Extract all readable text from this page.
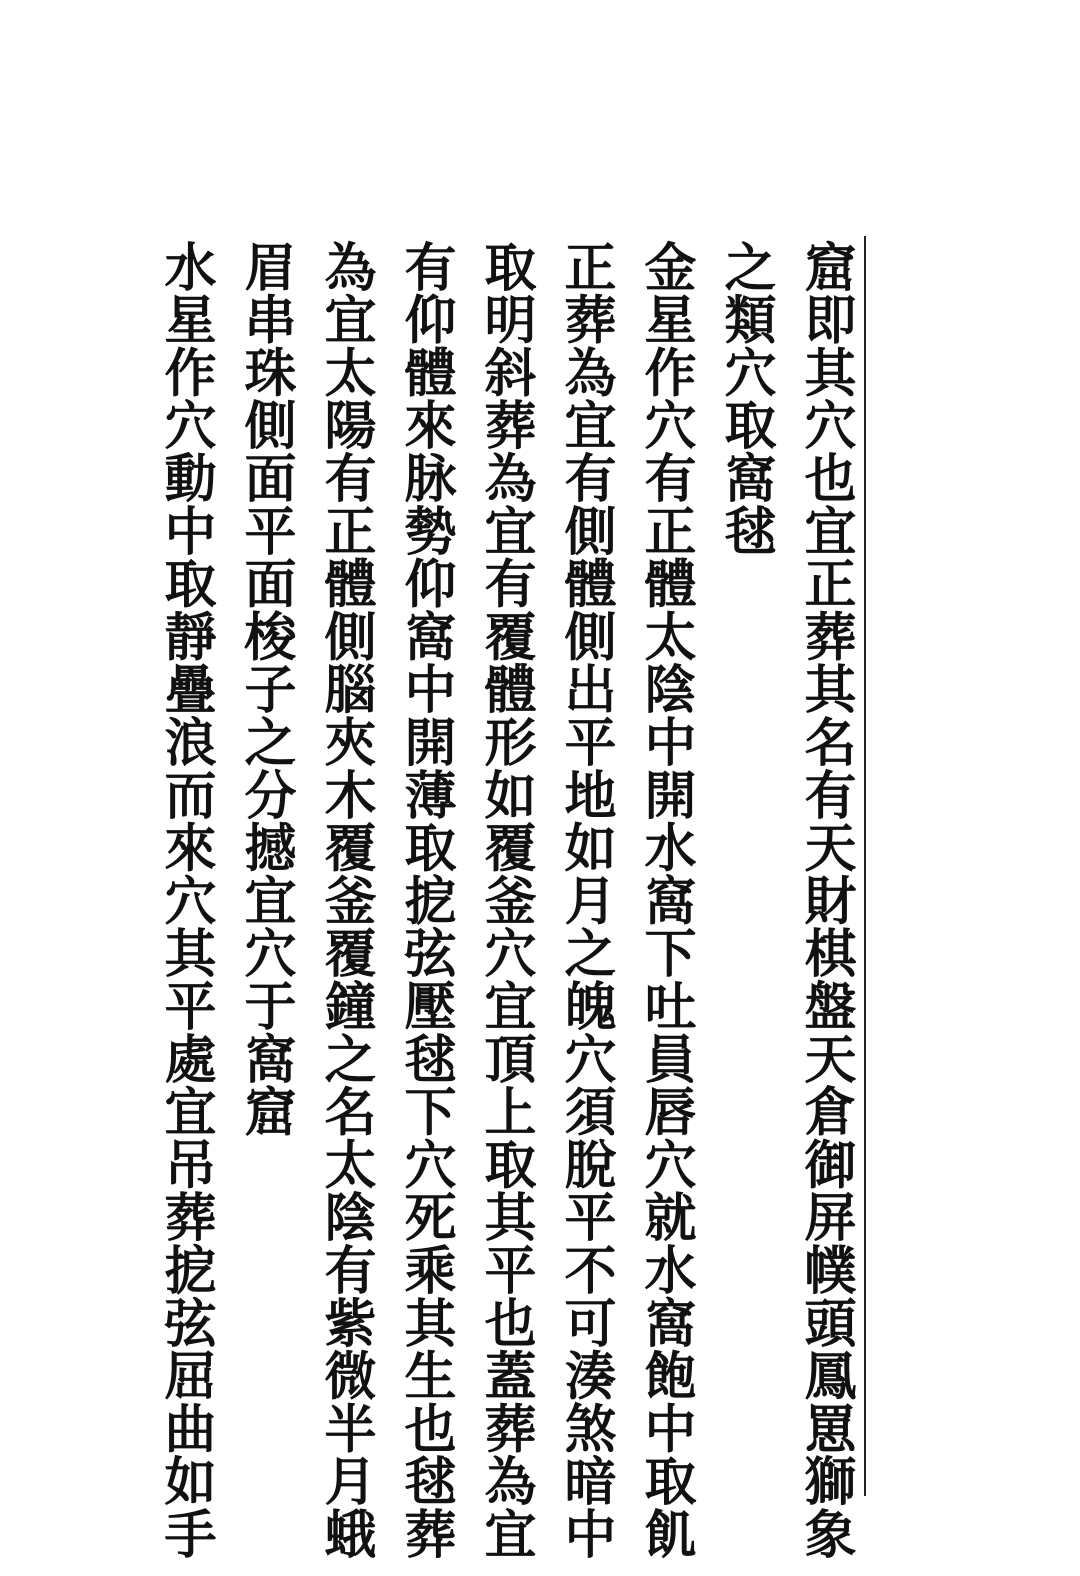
窟即其穴也宜正葬其名有天財棋盤天倉御屏幞頭鳳罳獅象
之類穴取窩毬
金星作穴有正體太陰中開水窩下吐員唇穴就水窩飽中取飢
正葬為宜有側體側出平地如月之魄穴須脫平不可湊煞暗中
取明斜葬為宜有覆體形如覆釜穴宜頂上取其平也蓋葬為宜
有仰體來脉勢仰窩中開薄取㧖弦壓毬下穴死乘其生也毬葬
為宜太陽有正體側腦夾木覆釜覆鐘之名太陰有紫微半月蛾
眉串珠側面平面梭子之分撼宜穴于窩窟
水星作穴動中取靜疊浪而來穴其平處宜吊葬㧖弦屈曲如手
